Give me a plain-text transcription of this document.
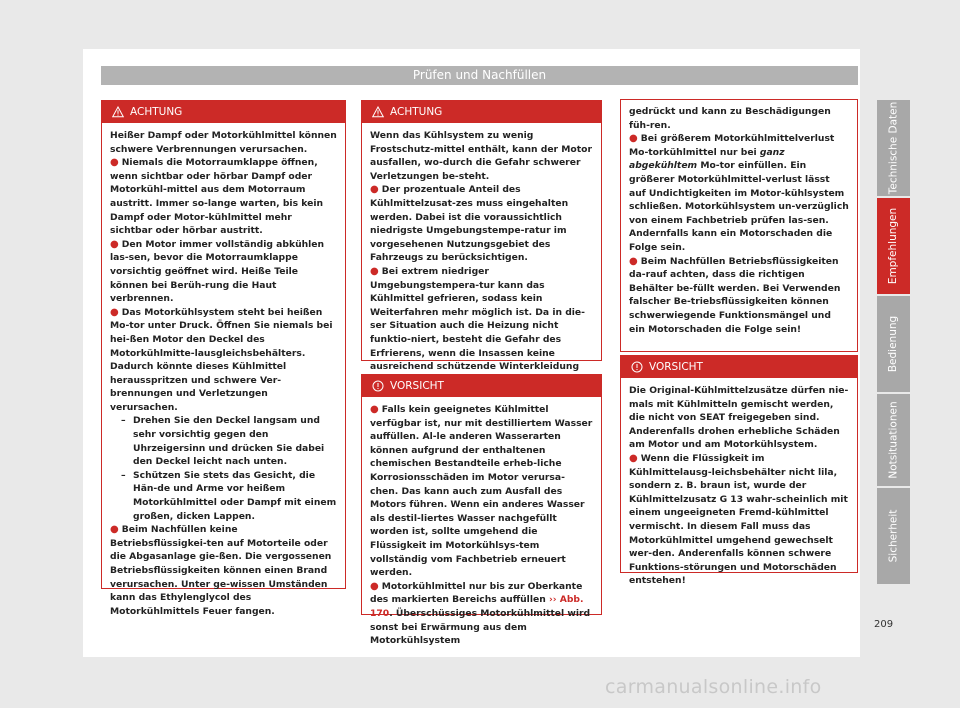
Prüfen und Nachfüllen
ACHTUNG

Heißer Dampf oder Motorkühlmittel können schwere Verbrennungen verursachen.

● Niemals die Motorraumklappe öffnen, wenn sichtbar oder hörbar Dampf oder Motorkühl-mittel aus dem Motorraum austritt. Immer so-lange warten, bis kein Dampf oder Motor-kühlmittel mehr sichtbar oder hörbar austritt.

● Den Motor immer vollständig abkühlen las-sen, bevor die Motorraumklappe vorsichtig geöffnet wird. Heiße Teile können bei Berüh-rung die Haut verbrennen.

● Das Motorkühlsystem steht bei heißen Mo-tor unter Druck. Öffnen Sie niemals bei hei-ßen Motor den Deckel des Motorkühlmitte-lausgleichsbehälters. Dadurch könnte dieses Kühlmittel herausspritzen und schwere Ver-brennungen und Verletzungen verursachen.

– Drehen Sie den Deckel langsam und sehr vorsichtig gegen den Uhrzeigersinn und drücken Sie dabei den Deckel leicht nach unten.

– Schützen Sie stets das Gesicht, die Hän-de und Arme vor heißem Motorkühlmittel oder Dampf mit einem großen, dicken Lappen.

● Beim Nachfüllen keine Betriebsflüssigkei-ten auf Motorteile oder die Abgasanlage gie-ßen. Die vergossenen Betriebsflüssigkeiten können einen Brand verursachen. Unter ge-wissen Umständen kann das Ethylenglycol des Motorkühlmittels Feuer fangen.

ACHTUNG

Wenn das Kühlsystem zu wenig Frostschutz-mittel enthält, kann der Motor ausfallen, wo-durch die Gefahr schwerer Verletzungen be-steht.

● Der prozentuale Anteil des Kühlmittelzusat-zes muss eingehalten werden. Dabei ist die voraussichtlich niedrigste Umgebungstempe-ratur im vorgesehenen Nutzungsgebiet des Fahrzeugs zu berücksichtigen.

● Bei extrem niedriger Umgebungstempera-tur kann das Kühlmittel gefrieren, sodass kein Weiterfahren mehr möglich ist. Da in die-ser Situation auch die Heizung nicht funktio-niert, besteht die Gefahr des Erfrierens, wenn die Insassen keine ausreichend schützende Winterkleidung

VORSICHT

● Falls kein geeignetes Kühlmittel verfügbar ist, nur mit destilliertem Wasser auffüllen. Al-le anderen Wasserarten können aufgrund der enthaltenen chemischen Bestandteile erheb-liche Korrosionsschäden im Motor verursa-chen. Das kann auch zum Ausfall des Motors führen. Wenn ein anderes Wasser als destil-liertes Wasser nachgefüllt worden ist, sollte umgehend die Flüssigkeit im Motorkühlsys-tem vollständig vom Fachbetrieb erneuert werden.

● Motorkühlmittel nur bis zur Oberkante des markierten Bereichs auffüllen ›› Abb. 170. Überschüssiges Motorkühlmittel wird sonst bei Erwärmung aus dem Motorkühlsystem

gedrückt und kann zu Beschädigungen füh-ren.

● Bei größerem Motorkühlmittelverlust Mo-torkühlmittel nur bei ganz abgekühltem Mo-tor einfüllen. Ein größerer Motorkühlmittel-verlust lässt auf Undichtigkeiten im Motor-kühlsystem schließen. Motorkühlsystem un-verzüglich von einem Fachbetrieb prüfen las-sen. Andernfalls kann ein Motorschaden die Folge sein.

● Beim Nachfüllen Betriebsflüssigkeiten da-rauf achten, dass die richtigen Behälter be-füllt werden. Bei Verwenden falscher Be-triebsflüssigkeiten können schwerwiegende Funktionsmängel und ein Motorschaden die Folge sein!

VORSICHT

Die Original-Kühlmittelzusätze dürfen nie-mals mit Kühlmitteln gemischt werden, die nicht von SEAT freigegeben sind. Anderenfalls drohen erhebliche Schäden am Motor und am Motorkühlsystem.

● Wenn die Flüssigkeit im Kühlmittelausg-leichsbehälter nicht lila, sondern z. B. braun ist, wurde der Kühlmittelzusatz G 13 wahr-scheinlich mit einem ungeeigneten Fremd-kühlmittel vermischt. In diesem Fall muss das Motorkühlmittel umgehend gewechselt wer-den. Anderenfalls können schwere Funktions-störungen und Motorschäden entstehen!

Technische Daten
Empfehlungen
Bedienung
Notsituationen
Sicherheit
209
carmanualsonline.info
